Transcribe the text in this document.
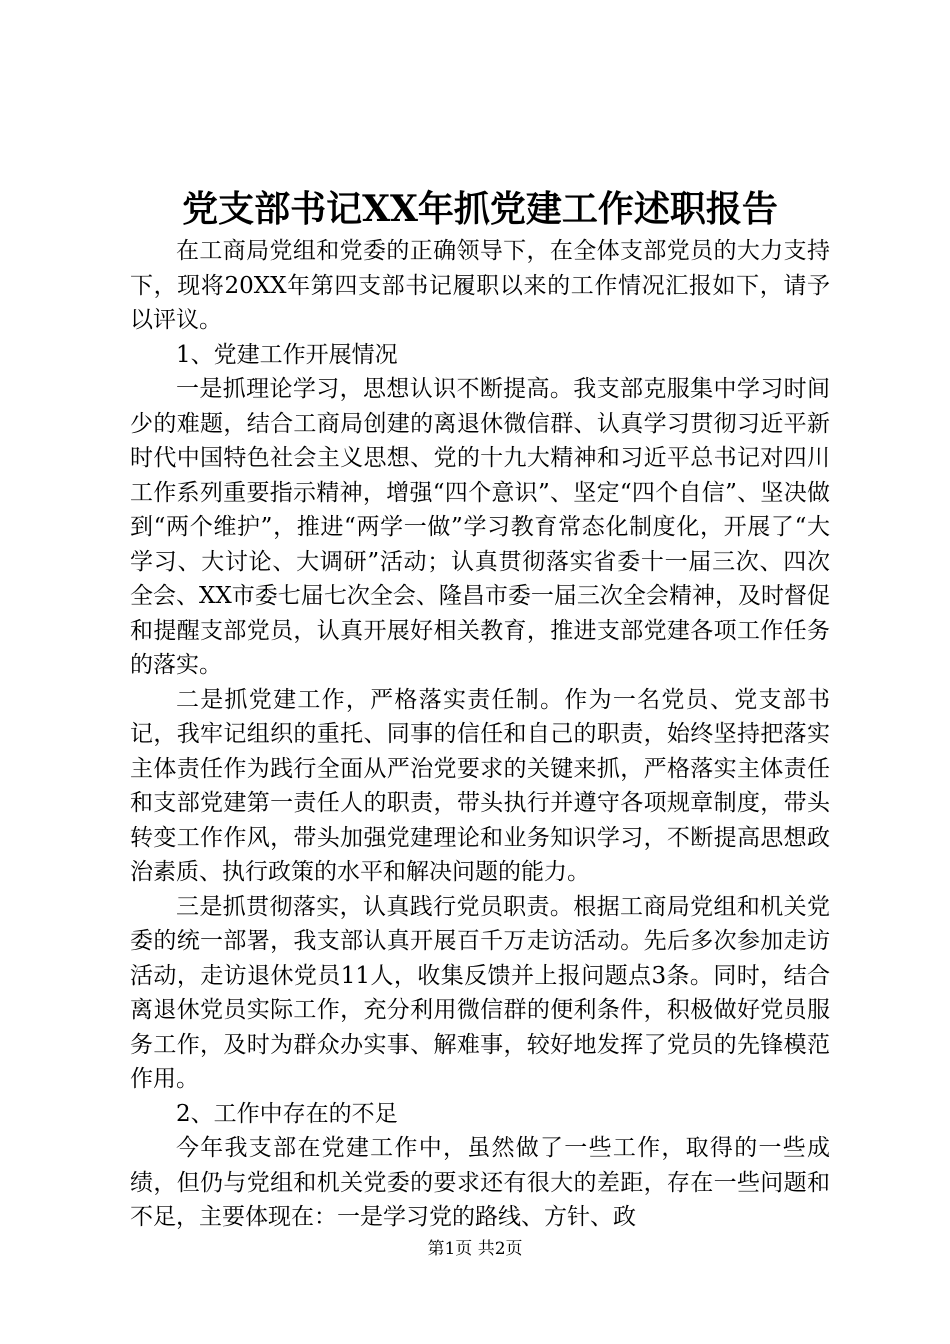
党支部书记XX年抓党建工作述职报告

在工商局党组和党委的正确领导下，在全体支部党员的大力支持下，现将20XX年第四支部书记履职以来的工作情况汇报如下，请予以评议。

1、党建工作开展情况

一是抓理论学习，思想认识不断提高。我支部克服集中学习时间少的难题，结合工商局创建的离退休微信群、认真学习贯彻习近平新时代中国特色社会主义思想、党的十九大精神和习近平总书记对四川工作系列重要指示精神，增强“四个意识”、坚定“四个自信”、坚决做到“两个维护”，推进“两学一做”学习教育常态化制度化，开展了“大学习、大讨论、大调研”活动；认真贯彻落实省委十一届三次、四次全会、XX市委七届七次全会、隆昌市委一届三次全会精神，及时督促和提醒支部党员，认真开展好相关教育，推进支部党建各项工作任务的落实。

二是抓党建工作，严格落实责任制。作为一名党员、党支部书记，我牢记组织的重托、同事的信任和自己的职责，始终坚持把落实主体责任作为践行全面从严治党要求的关键来抓，严格落实主体责任和支部党建第一责任人的职责，带头执行并遵守各项规章制度，带头转变工作作风，带头加强党建理论和业务知识学习，不断提高思想政治素质、执行政策的水平和解决问题的能力。

三是抓贯彻落实，认真践行党员职责。根据工商局党组和机关党委的统一部署，我支部认真开展百千万走访活动。先后多次参加走访活动，走访退休党员11人，收集反馈并上报问题点3条。同时，结合离退休党员实际工作，充分利用微信群的便利条件，积极做好党员服务工作，及时为群众办实事、解难事，较好地发挥了党员的先锋模范作用。

2、工作中存在的不足

今年我支部在党建工作中，虽然做了一些工作，取得的一些成绩，但仍与党组和机关党委的要求还有很大的差距，存在一些问题和不足，主要体现在：一是学习党的路线、方针、政

第1页 共2页
